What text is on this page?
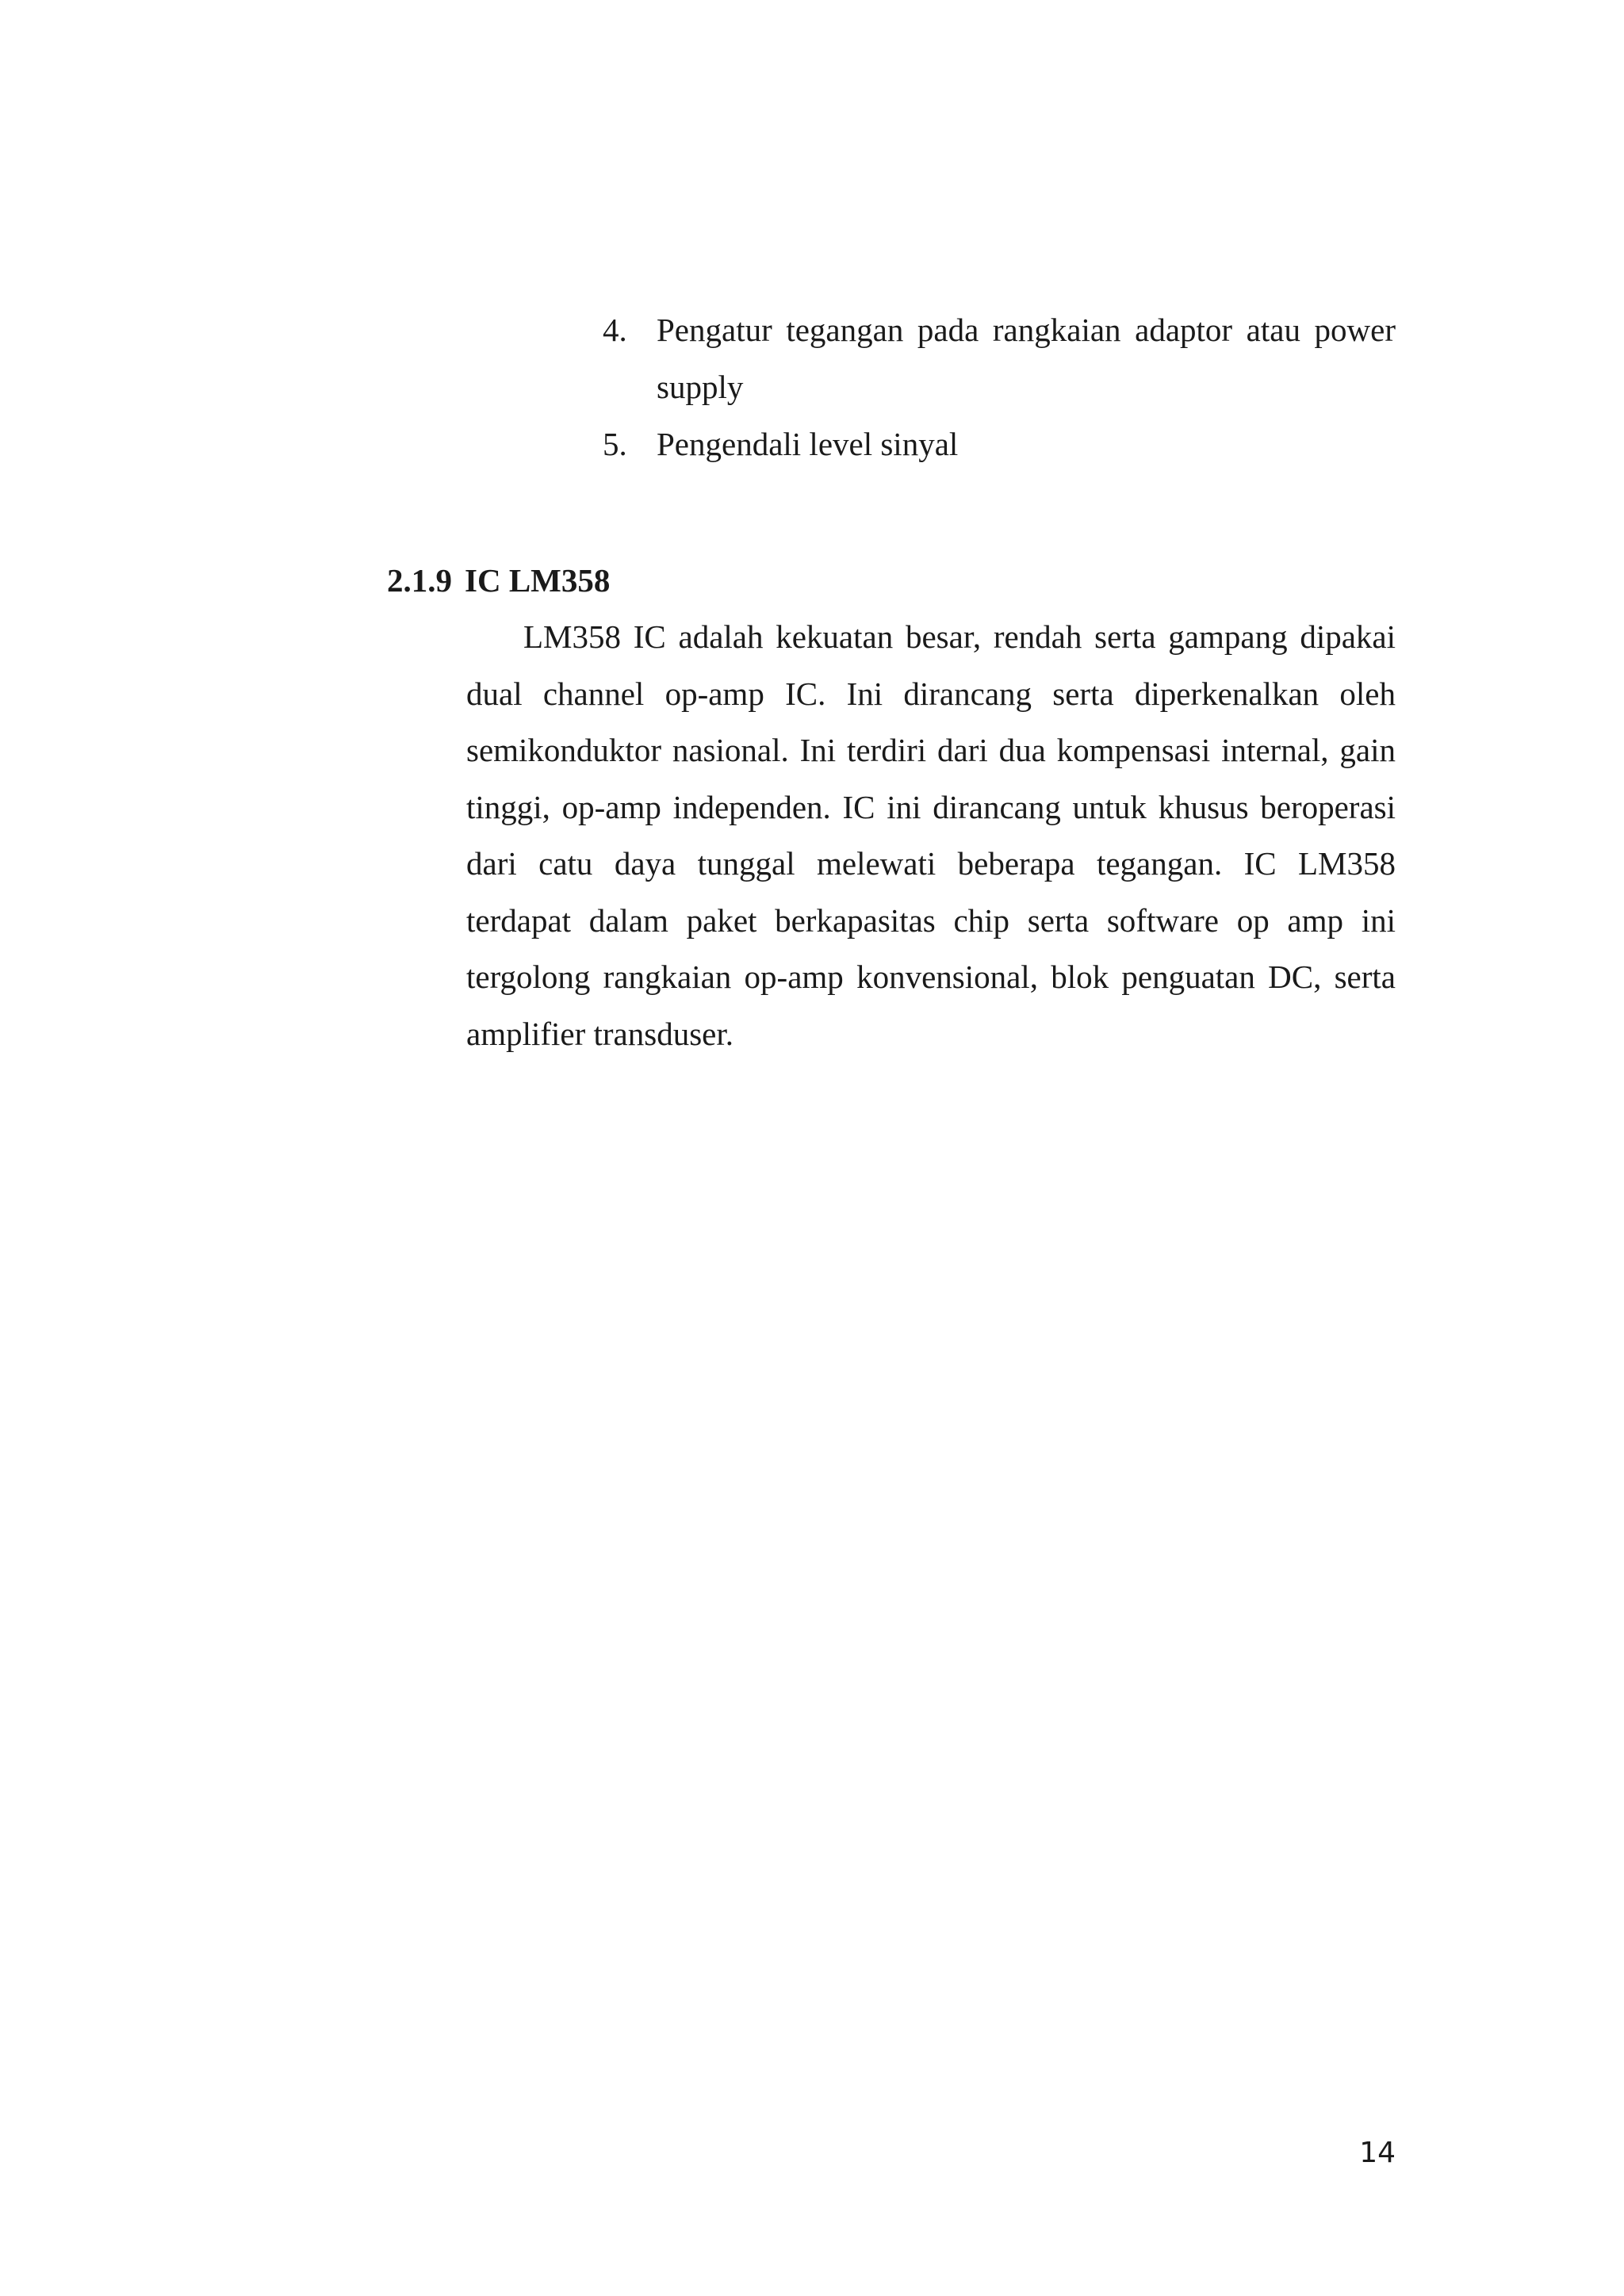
4. Pengatur tegangan pada rangkaian adaptor atau power supply
5. Pengendali level sinyal
2.1.9 IC LM358

LM358 IC adalah kekuatan besar, rendah serta gampang dipakai dual channel op-amp IC. Ini dirancang serta diperkenalkan oleh semikonduktor nasional. Ini terdiri dari dua kompensasi internal, gain tinggi, op-amp independen. IC ini dirancang untuk khusus beroperasi dari catu daya tunggal melewati beberapa tegangan. IC LM358 terdapat dalam paket berkapasitas chip serta software op amp ini tergolong rangkaian op-amp konvensional, blok penguatan DC, serta amplifier transduser.

14
